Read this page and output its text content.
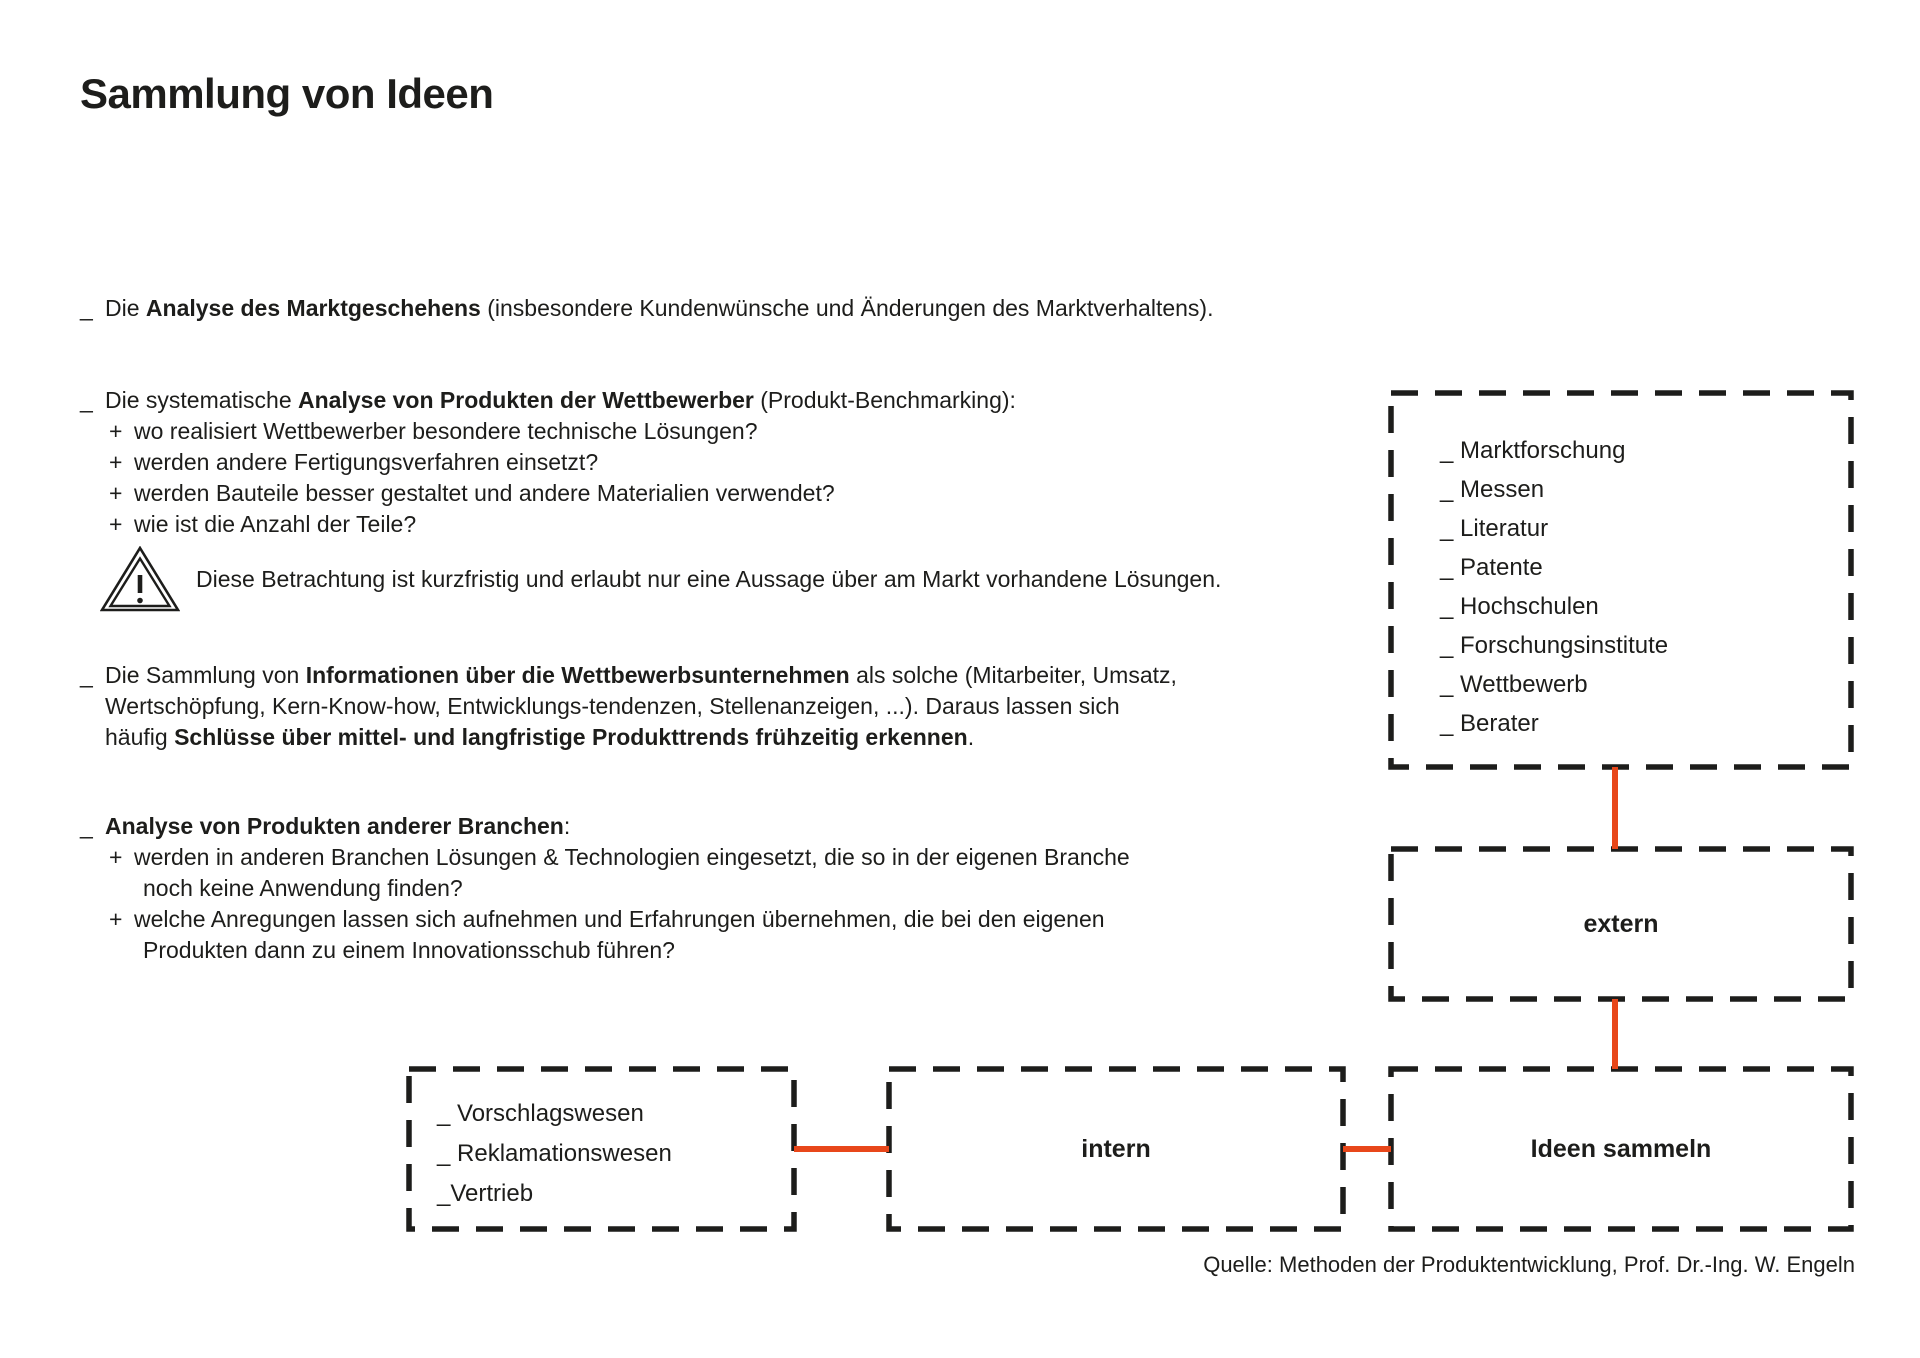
Sammlung von Ideen
_ Die Analyse des Marktgeschehens (insbesondere Kundenwünsche und Änderungen des Marktverhaltens).
_ Die systematische Analyse von Produkten der Wettbewerber (Produkt-Benchmarking):
+ wo realisiert Wettbewerber besondere technische Lösungen?
+ werden andere Fertigungsverfahren einsetzt?
+ werden Bauteile besser gestaltet und andere Materialien verwendet?
+ wie ist die Anzahl der Teile?
Diese Betrachtung ist kurzfristig und erlaubt nur eine Aussage über am Markt vorhandene Lösungen.
_ Die Sammlung von Informationen über die Wettbewerbsunternehmen als solche (Mitarbeiter, Umsatz,
Wertschöpfung, Kern-Know-how, Entwicklungs-tendenzen, Stellenanzeigen, ...). Daraus lassen sich
häufig Schlüsse über mittel- und langfristige Produkttrends frühzeitig erkennen.
_ Analyse von Produkten anderer Branchen:
+ werden in anderen Branchen Lösungen & Technologien eingesetzt, die so in der eigenen Branche
noch keine Anwendung finden?
+ welche Anregungen lassen sich aufnehmen und Erfahrungen übernehmen, die bei den eigenen
Produkten dann zu einem Innovationsschub führen?
_ Marktforschung
_ Messen
_ Literatur
_ Patente
_ Hochschulen
_ Forschungsinstitute
_ Wettbewerb
_ Berater
_ Vorschlagswesen
_ Reklamationswesen
_Vertrieb
extern
intern	Ideen sammeln
Quelle: Methoden der Produktentwicklung, Prof. Dr.-Ing. W. Engeln
